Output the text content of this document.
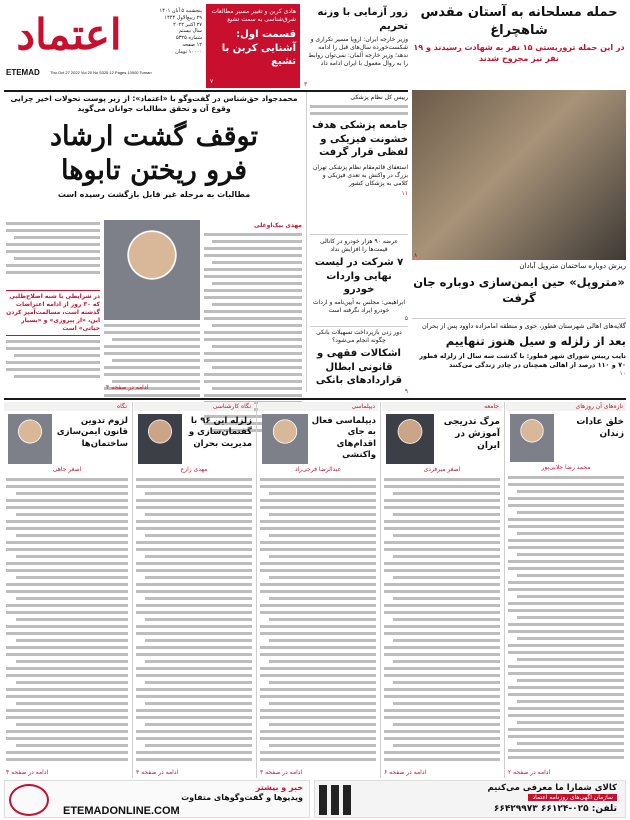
اعتماد	پنجشنبه ۵ آبان ۱۴۰۱
۲۹ ربیع‌الاول ۱۴۴۴
۲۷ اکتبر ۲۰۲۲
سال بیستم
شماره ۵۳۲۵
۱۲ صفحه
۱۰۰۰۰ تومان
ETEMAD	Thu Oct 27 2022 Vol 20 No 5325 12 Pages 10000 Toman
هادی کربن و تغییر مسیر مطالعات شرق‌شناسی به سمت تشیع
قسمت اول: آشنایی کربن با تشیع
۷
زور آزمایی با وزنه تحریم
وزیر خارجه ایران: اروپا مسیر تکراری و شکست‌خورده سال‌های قبل را ادامه ندهد؛ وزیر خارجه آلمان: نمی‌توان روابط را به روال معمول با ایران ادامه داد
۳
حمله مسلحانه به آستان مقدس شاهچراغ
در این حمله تروریستی ۱۵ نفر به شهادت رسیدند و ۱۹ نفر نیز مجروح شدند
۸
محمدجواد حق‌شناس در گفت‌وگو با «اعتماد»: از زیر پوست تحولات اخیر چرایی وقوع آن و تحقق مطالبات جوانان می‌گوید
توقف گشت ارشاد
فرو ریختن تابوها
مطالبات به مرحله غیر قابل بازگشت رسیده است
مهدی بیک‌اوغلی
در شرایطی با شبه اصلاح‌طلبی که ۳۰ روز از ادامه اعتراضات گذشته است، مسالمت‌آمیز کردن این، «از پیروزی» و «بسیار حیاتی» است
ادامه در صفحه ۴
رییس کل نظام پزشکی
جامعه پزشکی هدف خشونت فیزیکی و لفظی قرار گرفت
استعفای قائم‌مقام نظام پزشکی تهران بزرگ در واکنش به تعدی فیزیکی و کلامی به پزشکان کشور
۱۱
عرضه ۹۰ هزار خودرو در کانالی قیمت‌ها را افزایش نداد
۷ شرکت در لیست نهایی واردات خودرو
ابراهیمی: مجلس به آیین‌نامه و اردات خودرو ایراد نگرفته است
۵
دور زدن بازپرداخت تسهیلات بانکی چگونه انجام می‌شود؟
اشکالات فقهی و قانونی ابطال قراردادهای بانکی
۹
ریزش دوباره ساختمان متروپل آبادان
«متروپل» حین ایمن‌سازی دوباره جان گرفت
گلایه‌های اهالی شهرستان فطور، خوی و منطقه امامزاده داوود پس از بحران
بعد از زلزله و سیل هنوز تنهاییم
نایب رییس شورای شهر قطور: با گذشت سه سال از زلزله قطور ۷۰ و ۱۱۰ درصد از اهالی همچنان در چادر زندگی می‌کنند
۱۰
تازه‌های آن روزهای
خلق عادات زندان
محمد رضا جلایی‌پور
ادامه در صفحه ۲
جامعه
مرگ تدریجی آموزش در ایران
اصغر میرفردی
ادامه در صفحه ۶
دیپلماسی
دیپلماسی فعال به جای اقدام‌های واکنشی
عبدالرضا فرجی‌راد
ادامه در صفحه ۳
نگاه کارشناسی
زلزله این ۹۶ با گفتمان‌سازی و مدیریت بحران
مهدی زارع
ادامه در صفحه ۳
نگاه
لزوم تدوین قانون ایمن‌سازی ساختمان‌ها
اصغر جاهی
ادامه در صفحه ۴
خبر و بیشتر
ویدیوها و گفت‌وگوهای متفاوت
ETEMADONLINE.COM
کالای شمارا ما معرفی می‌کنیم
سازمان آگهی‌های روزنامه اعتماد
تلفن: ۰۲۵-۶۶۱۲۴ ۶۶۴۲۹۹۷۳
